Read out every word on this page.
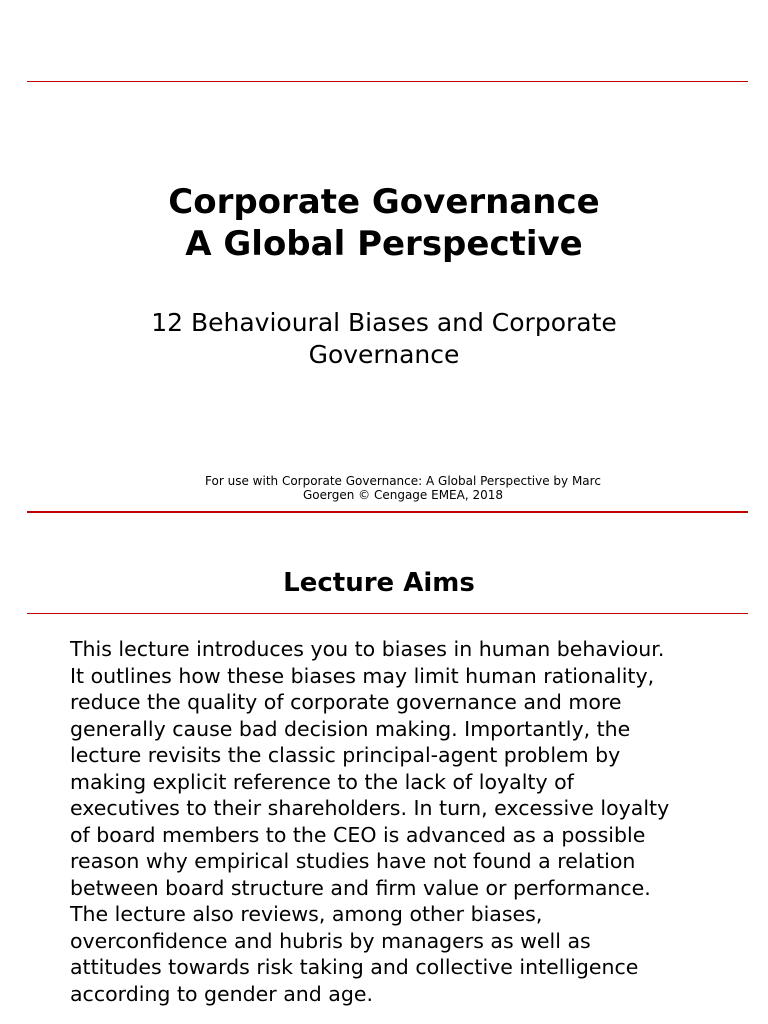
Corporate Governance
A Global Perspective
12 Behavioural Biases and Corporate Governance
For use with Corporate Governance: A Global Perspective by Marc
Goergen © Cengage EMEA, 2018
Lecture Aims
This lecture introduces you to biases in human behaviour.
It outlines how these biases may limit human rationality,
reduce the quality of corporate governance and more
generally cause bad decision making. Importantly, the
lecture revisits the classic principal-agent problem by
making explicit reference to the lack of loyalty of
executives to their shareholders. In turn, excessive loyalty
of board members to the CEO is advanced as a possible
reason why empirical studies have not found a relation
between board structure and firm value or performance.
The lecture also reviews, among other biases,
overconfidence and hubris by managers as well as
attitudes towards risk taking and collective intelligence
according to gender and age.
